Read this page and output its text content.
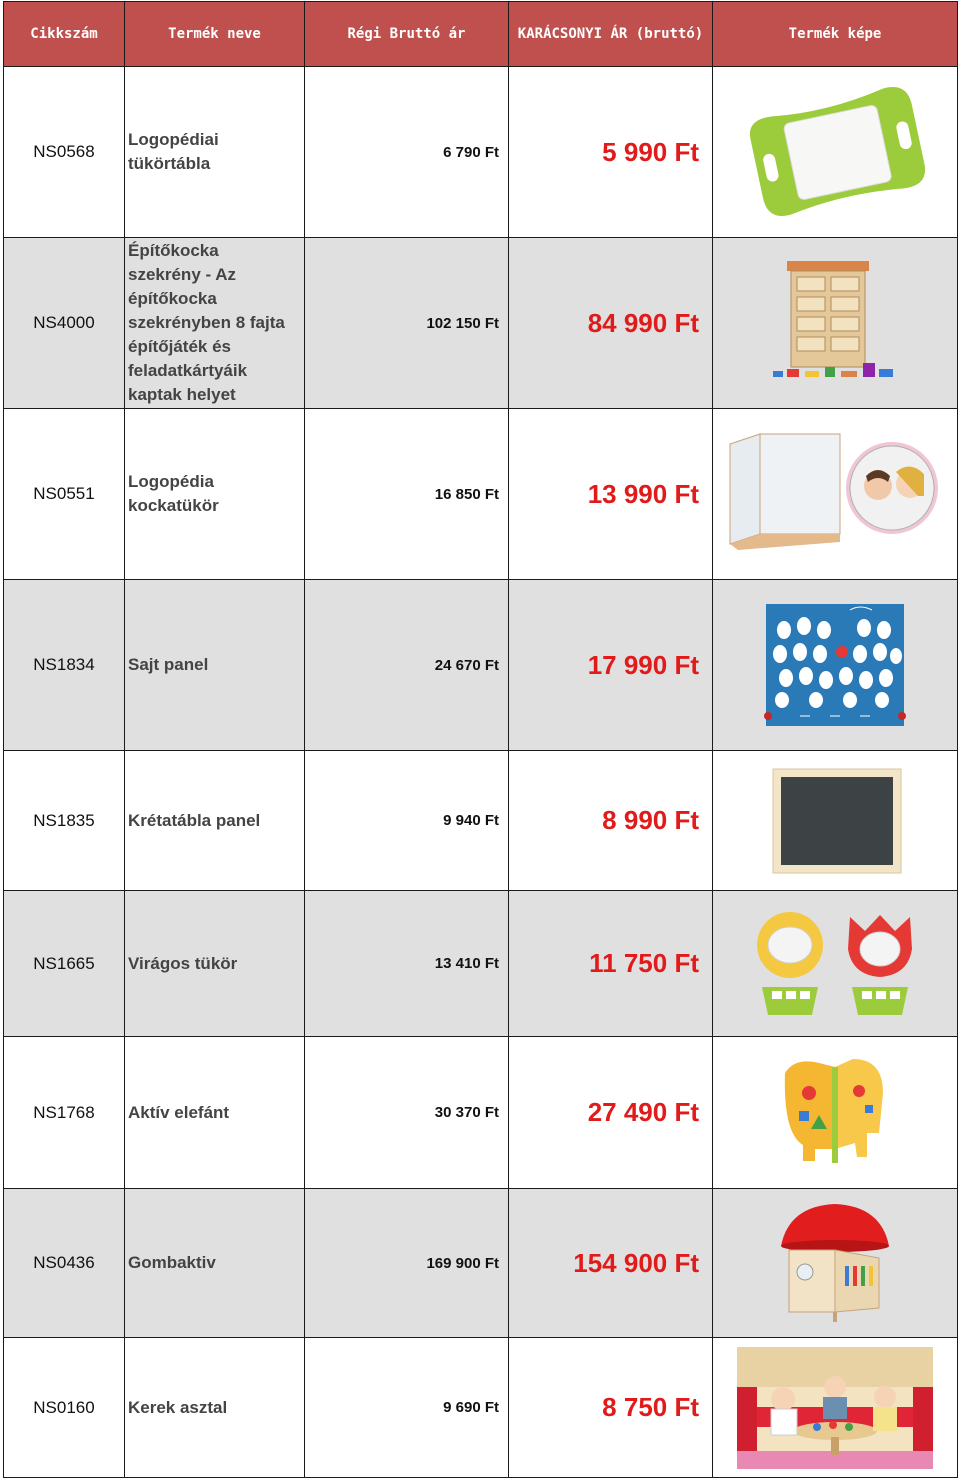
Cikkszám	Termék neve	Régi Bruttó ár	KARÁCSONYI ÁR (bruttó)	Termék képe
NS0568	Logopédiai tükörtábla	6 790 Ft	5 990 Ft	

NS4000	Építőkocka szekrény - Az építőkocka szekrényben 8 fajta építőjáték és feladatkártyáik kaptak helyet	102 150 Ft	84 990 Ft	

NS0551	Logopédia kockatükör	16 850 Ft	13 990 Ft	

NS1834	Sajt panel	24 670 Ft	17 990 Ft	

NS1835	Krétatábla panel	9 940 Ft	8 990 Ft	

NS1665	Virágos tükör	13 410 Ft	11 750 Ft	

NS1768	Aktív elefánt	30 370 Ft	27 490 Ft	

NS0436	Gombaktiv	169 900 Ft	154 900 Ft	

NS0160	Kerek asztal	9 690 Ft	8 750 Ft	
